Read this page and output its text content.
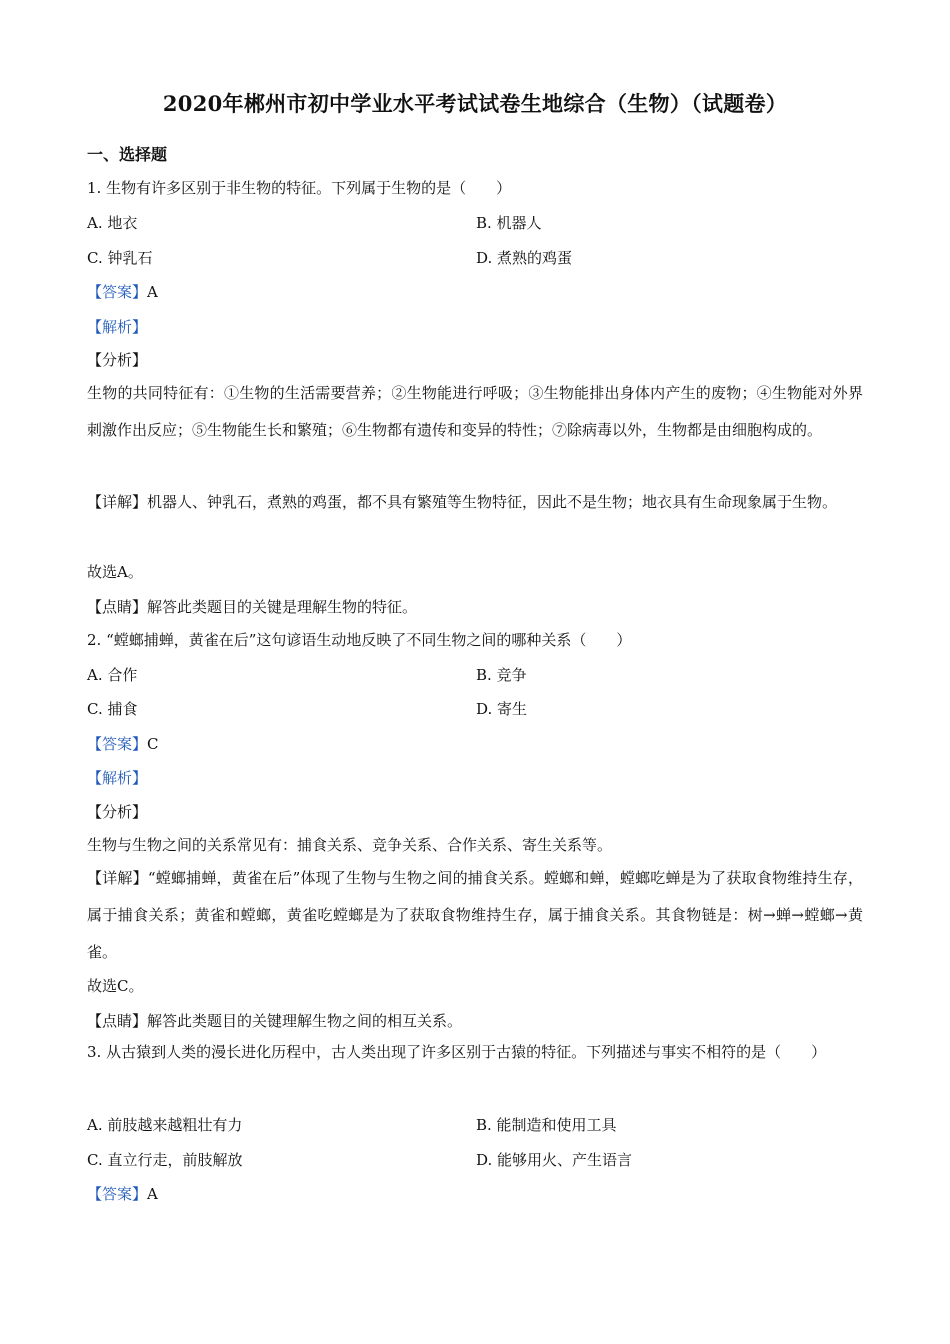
2020年郴州市初中学业水平考试试卷生地综合（生物）（试题卷）
一、选择题
1. 生物有许多区别于非生物的特征。下列属于生物的是（　　）
A. 地衣	B. 机器人
C. 钟乳石	D. 煮熟的鸡蛋
【答案】A
【解析】
【分析】
生物的共同特征有：①生物的生活需要营养；②生物能进行呼吸；③生物能排出身体内产生的废物；④生物能对外界刺激作出反应；⑤生物能生长和繁殖；⑥生物都有遗传和变异的特性；⑦除病毒以外，生物都是由细胞构成的。
【详解】机器人、钟乳石，煮熟的鸡蛋，都不具有繁殖等生物特征，因此不是生物；地衣具有生命现象属于生物。
故选A。
【点睛】解答此类题目的关键是理解生物的特征。
2. “螳螂捕蝉，黄雀在后”这句谚语生动地反映了不同生物之间的哪种关系（　　）
A. 合作	B. 竞争
C. 捕食	D. 寄生
【答案】C
【解析】
【分析】
生物与生物之间的关系常见有：捕食关系、竞争关系、合作关系、寄生关系等。
【详解】“螳螂捕蝉，黄雀在后”体现了生物与生物之间的捕食关系。螳螂和蝉，螳螂吃蝉是为了获取食物维持生存，属于捕食关系；黄雀和螳螂，黄雀吃螳螂是为了获取食物维持生存，属于捕食关系。其食物链是：树→蝉→螳螂→黄雀。
故选C。
【点睛】解答此类题目的关键理解生物之间的相互关系。
3. 从古猿到人类的漫长进化历程中，古人类出现了许多区别于古猿的特征。下列描述与事实不相符的是（　　）
A. 前肢越来越粗壮有力	B. 能制造和使用工具
C. 直立行走，前肢解放	D. 能够用火、产生语言
【答案】A
